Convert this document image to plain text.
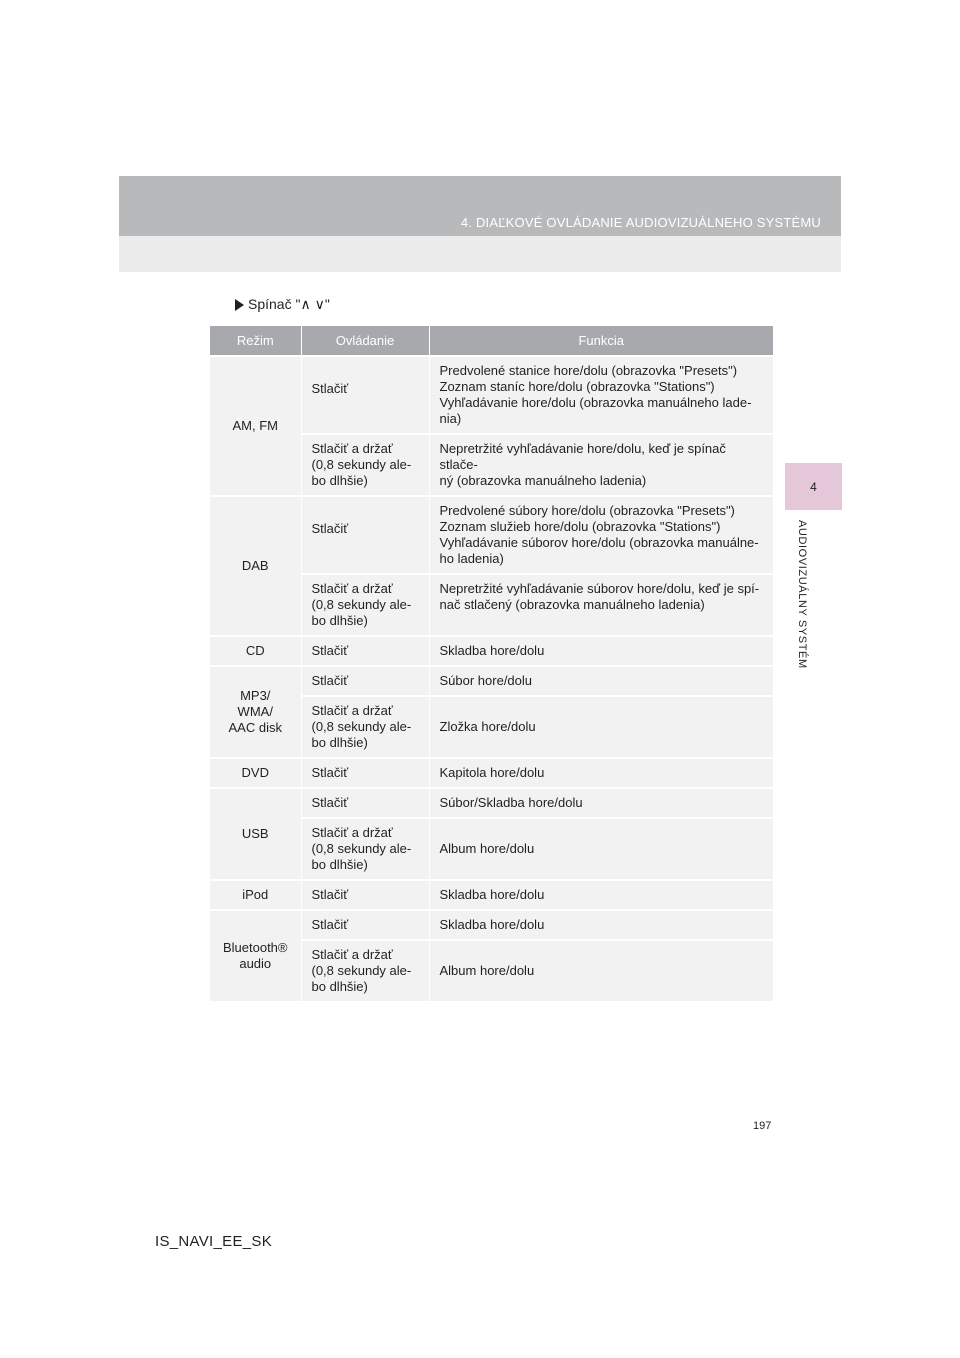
4. DIAĽKOVÉ OVLÁDANIE AUDIOVIZUÁLNEHO SYSTÉMU
4
AUDIOVIZUÁLNY SYSTÉM
Spínač "∧ ∨"
Režim	Ovládanie	Funkcia
AM, FM	Stlačiť	Predvolené stanice hore/dolu (obrazovka "Presets")
Zoznam staníc hore/dolu (obrazovka "Stations")
Vyhľadávanie hore/dolu (obrazovka manuálneho lade-
nia)
	Stlačiť a držať
(0,8 sekundy ale-
bo dlhšie)	Nepretržité vyhľadávanie hore/dolu, keď je spínač stlače-
ný (obrazovka manuálneho ladenia)
DAB	Stlačiť	Predvolené súbory hore/dolu (obrazovka "Presets")
Zoznam služieb hore/dolu (obrazovka "Stations")
Vyhľadávanie súborov hore/dolu (obrazovka manuálne-
ho ladenia)
	Stlačiť a držať
(0,8 sekundy ale-
bo dlhšie)	Nepretržité vyhľadávanie súborov hore/dolu, keď je spí-
nač stlačený (obrazovka manuálneho ladenia)
CD	Stlačiť	Skladba hore/dolu
MP3/
WMA/
AAC disk	Stlačiť	Súbor hore/dolu
	Stlačiť a držať
(0,8 sekundy ale-
bo dlhšie)	Zložka hore/dolu
DVD	Stlačiť	Kapitola hore/dolu
USB	Stlačiť	Súbor/Skladba hore/dolu
	Stlačiť a držať
(0,8 sekundy ale-
bo dlhšie)	Album hore/dolu
iPod	Stlačiť	Skladba hore/dolu
Bluetooth®
audio	Stlačiť	Skladba hore/dolu
	Stlačiť a držať
(0,8 sekundy ale-
bo dlhšie)	Album hore/dolu
197
IS_NAVI_EE_SK
